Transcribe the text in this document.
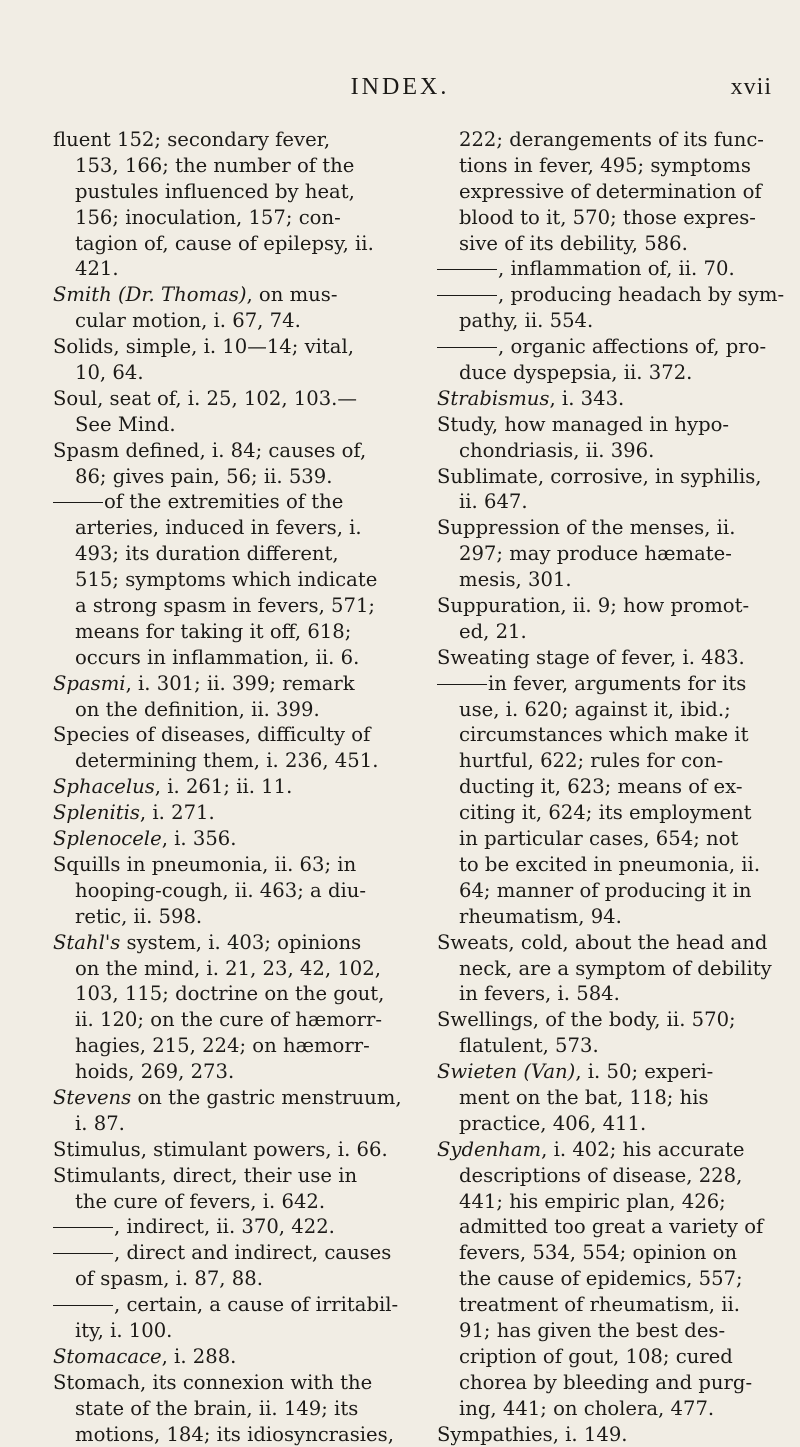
INDEX.	xvii
fluent 152; secondary fever,
153, 166; the number of the
pustules influenced by heat,
156; inoculation, 157; con-
tagion of, cause of epilepsy, ii.
421.
Smith (Dr. Thomas), on mus-
cular motion, i. 67, 74.
Solids, simple, i. 10—14; vital,
10, 64.
Soul, seat of, i. 25, 102, 103.—
See Mind.
Spasm defined, i. 84; causes of,
86; gives pain, 56; ii. 539.
of the extremities of the
arteries, induced in fevers, i.
493; its duration different,
515; symptoms which indicate
a strong spasm in fevers, 571;
means for taking it off, 618;
occurs in inflammation, ii. 6.
Spasmi, i. 301; ii. 399; remark
on the definition, ii. 399.
Species of diseases, difficulty of
determining them, i. 236, 451.
Sphacelus, i. 261; ii. 11.
Splenitis, i. 271.
Splenocele, i. 356.
Squills in pneumonia, ii. 63; in
hooping-cough, ii. 463; a diu-
retic, ii. 598.
Stahl's system, i. 403; opinions
on the mind, i. 21, 23, 42, 102,
103, 115; doctrine on the gout,
ii. 120; on the cure of hæmorr-
hagies, 215, 224; on hæmorr-
hoids, 269, 273.
Stevens on the gastric menstruum,
i. 87.
Stimulus, stimulant powers, i. 66.
Stimulants, direct, their use in
the cure of fevers, i. 642.
, indirect, ii. 370, 422.
, direct and indirect, causes
of spasm, i. 87, 88.
, certain, a cause of irritabil-
ity, i. 100.
Stomacace, i. 288.
Stomach, its connexion with the
state of the brain, ii. 149; its
motions, 184; its idiosyncrasies,
222; derangements of its func-
tions in fever, 495; symptoms
expressive of determination of
blood to it, 570; those expres-
sive of its debility, 586.
, inflammation of, ii. 70.
, producing headach by sym-
pathy, ii. 554.
, organic affections of, pro-
duce dyspepsia, ii. 372.
Strabismus, i. 343.
Study, how managed in hypo-
chondriasis, ii. 396.
Sublimate, corrosive, in syphilis,
ii. 647.
Suppression of the menses, ii.
297; may produce hæmate-
mesis, 301.
Suppuration, ii. 9; how promot-
ed, 21.
Sweating stage of fever, i. 483.
in fever, arguments for its
use, i. 620; against it, ibid.;
circumstances which make it
hurtful, 622; rules for con-
ducting it, 623; means of ex-
citing it, 624; its employment
in particular cases, 654; not
to be excited in pneumonia, ii.
64; manner of producing it in
rheumatism, 94.
Sweats, cold, about the head and
neck, are a symptom of debility
in fevers, i. 584.
Swellings, of the body, ii. 570;
flatulent, 573.
Swieten (Van), i. 50; experi-
ment on the bat, 118; his
practice, 406, 411.
Sydenham, i. 402; his accurate
descriptions of disease, 228,
441; his empiric plan, 426;
admitted too great a variety of
fevers, 534, 554; opinion on
the cause of epidemics, 557;
treatment of rheumatism, ii.
91; has given the best des-
cription of gout, 108; cured
chorea by bleeding and purg-
ing, 441; on cholera, 477.
Sympathies, i. 149.
